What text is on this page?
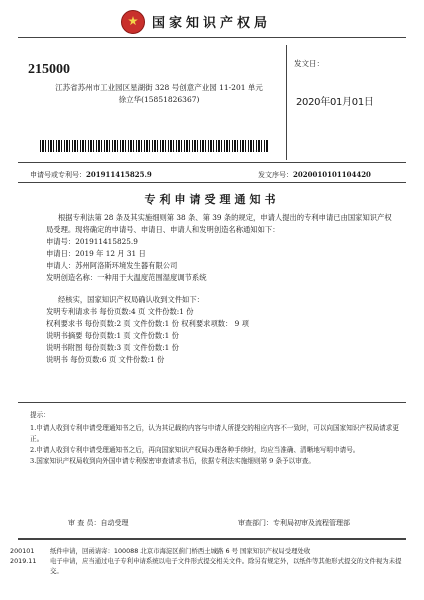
国家知识产权局
215000
江苏省苏州市工业园区星湖街 328 号创意产业园 11-201 单元
徐立华(15851826367)
发文日：
2020年01月01日
申请号或专利号：201911415825.9	发文序号：2020010101104420
专利申请受理通知书

根据专利法第 28 条及其实施细则第 38 条、第 39 条的规定，申请人提出的专利申请已由国家知识产权局受理。现将确定的申请号、申请日、申请人和发明创造名称通知如下：

申请号：201911415825.9
申请日：2019 年 12 月 31 日
申请人：苏州阿洛斯环境发生器有限公司
发明创造名称：一种用于大温度范围湿度调节系统
经核实，国家知识产权局确认收到文件如下：
发明专利请求书 每份页数:4 页 文件份数:1 份
权利要求书 每份页数:2 页 文件份数:1 份 权利要求项数： 9 项
说明书摘要 每份页数:1 页 文件份数:1 份
说明书附图 每份页数:3 页 文件份数:1 份
说明书 每份页数:6 页 文件份数:1 份
提示：
1.申请人收到专利申请受理通知书之后，认为其记载的内容与申请人所提交的相应内容不一致时，可以向国家知识产权局请求更正。
2.申请人收到专利申请受理通知书之后，再向国家知识产权局办理各种手续时，均应当准确、清晰地写明申请号。
3.国家知识产权局收到向外国申请专利保密审查请求书后，依据专利法实施细则第 9 条予以审查。
审 查 员：自动受理	审查部门：专利局初审及流程管理部
200101	纸件申请，回函请寄：100088 北京市海淀区蓟门桥西土城路 6 号 国家知识产权局受理处收
2019.11	电子申请，应当通过电子专利申请系统以电子文件形式提交相关文件。除另有规定外，以纸件等其他形式提交的文件视为未提交。
